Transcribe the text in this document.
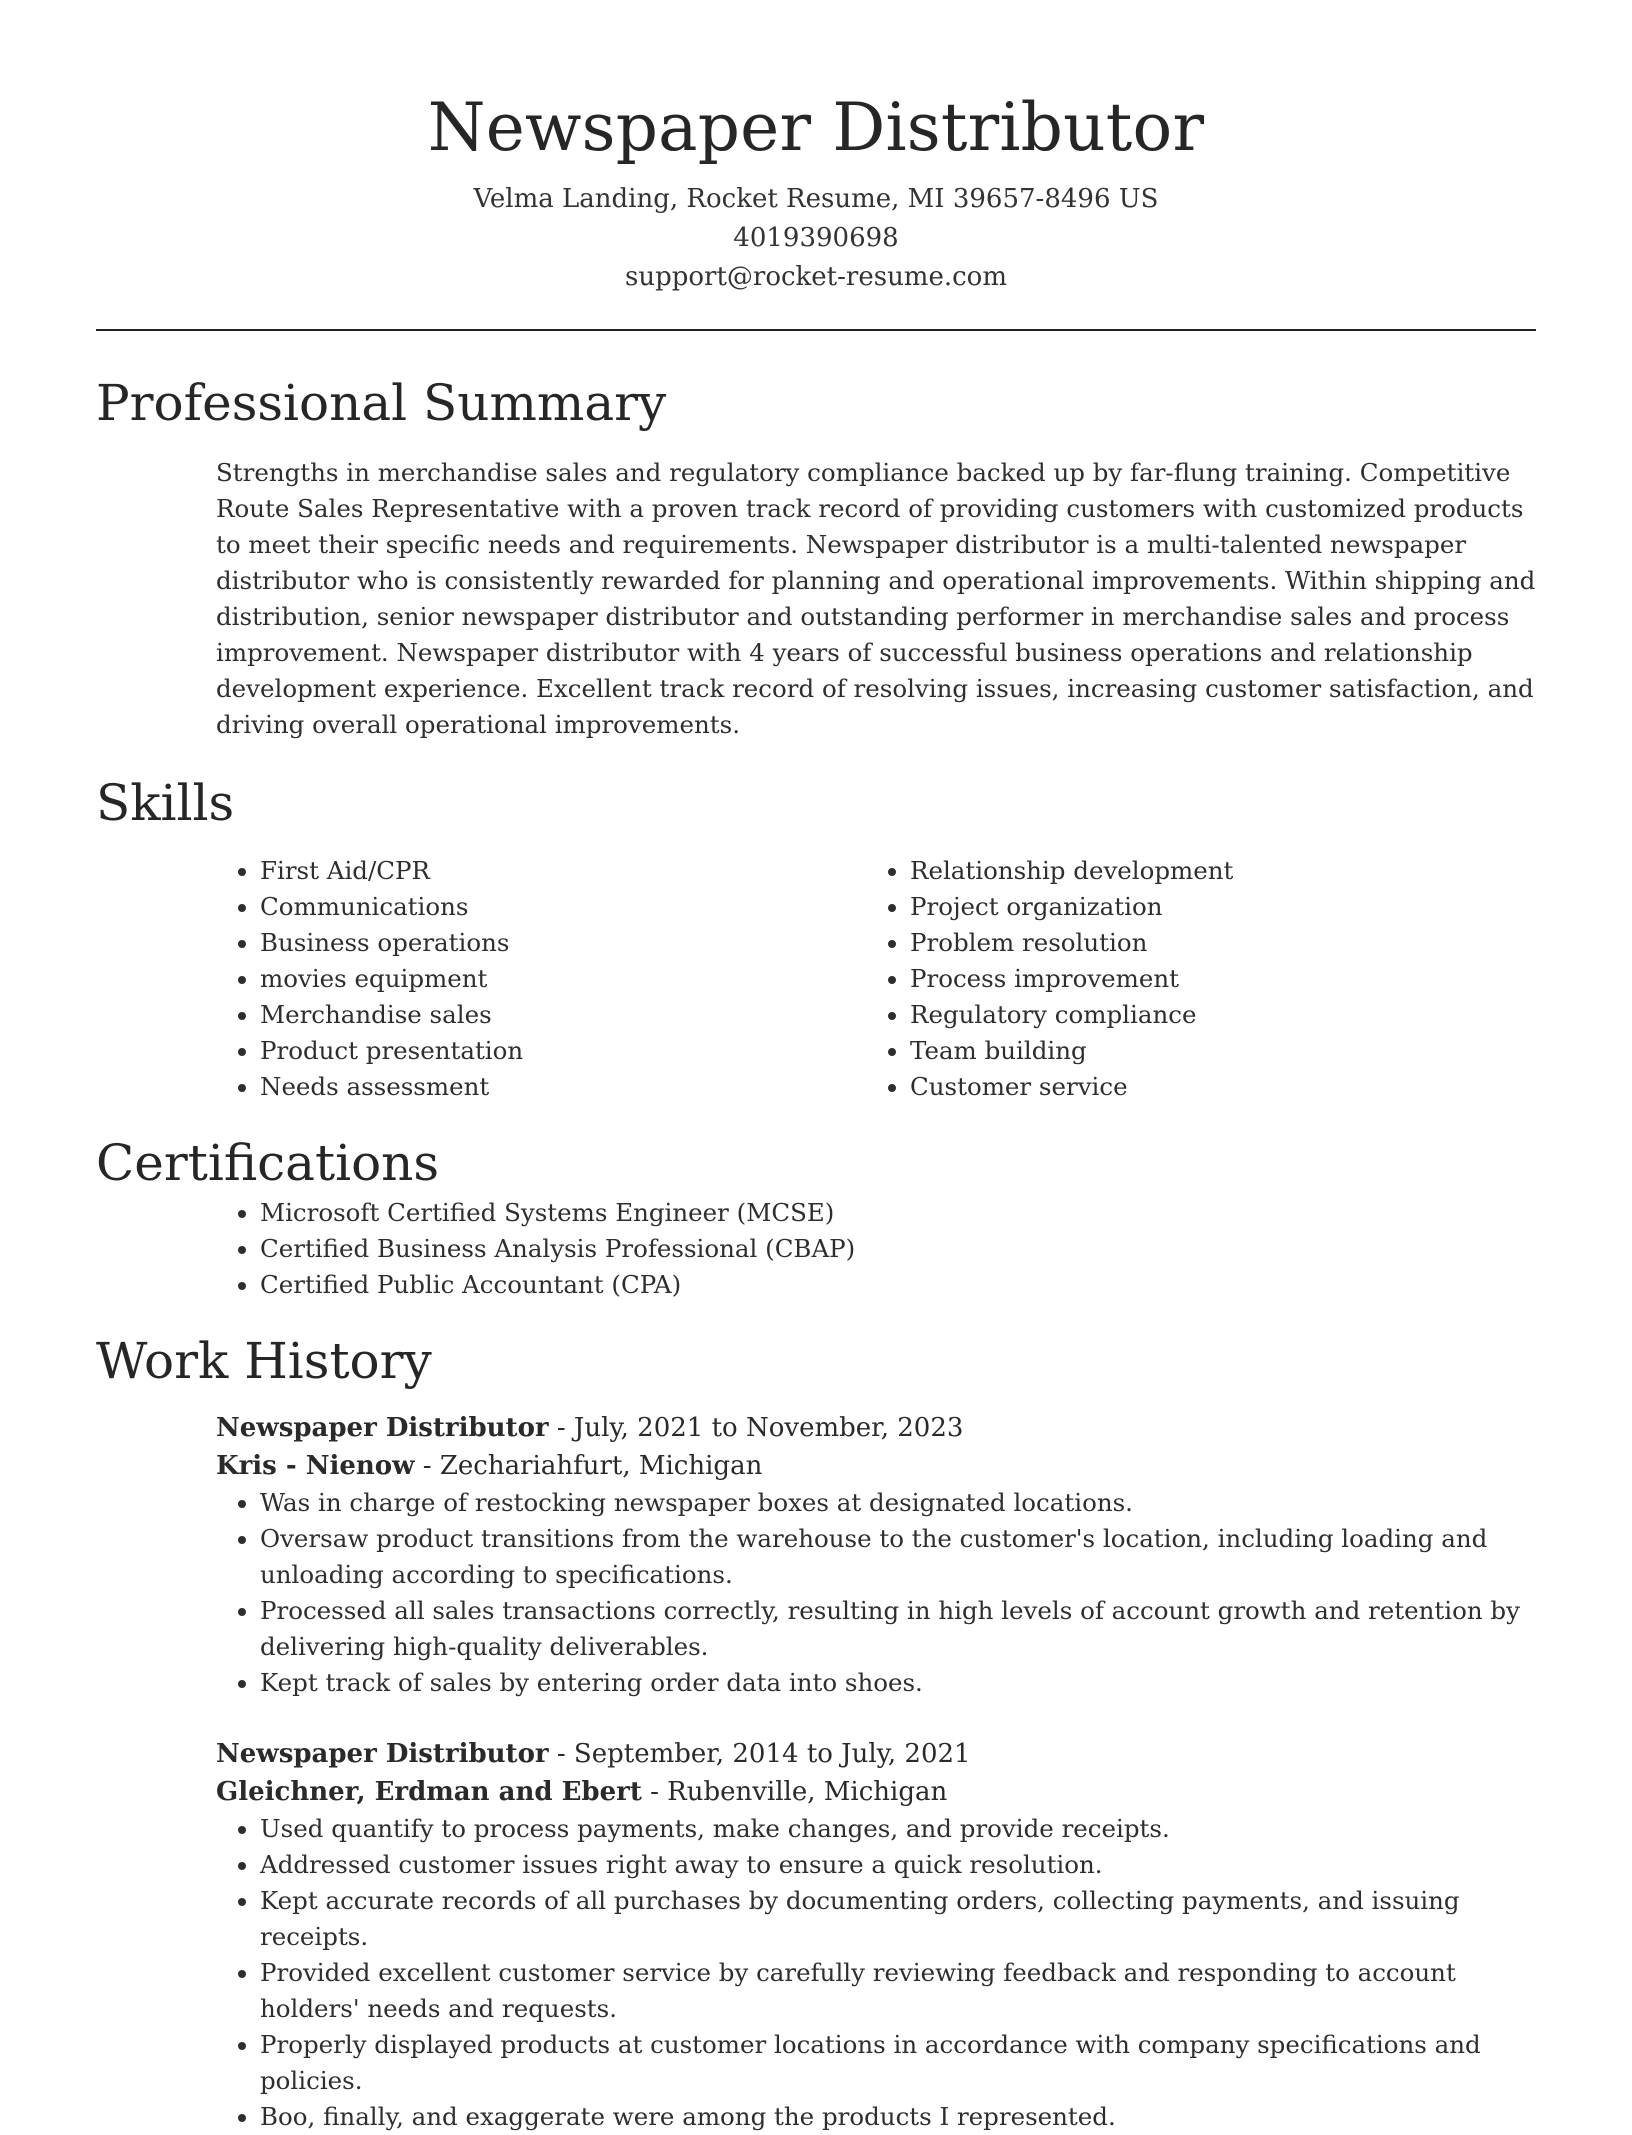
Newspaper Distributor
Velma Landing, Rocket Resume, MI 39657-8496 US
4019390698
support@rocket-resume.com
Professional Summary
Strengths in merchandise sales and regulatory compliance backed up by far-flung training. Competitive Route Sales Representative with a proven track record of providing customers with customized products to meet their specific needs and requirements. Newspaper distributor is a multi-talented newspaper distributor who is consistently rewarded for planning and operational improvements. Within shipping and distribution, senior newspaper distributor and outstanding performer in merchandise sales and process improvement. Newspaper distributor with 4 years of successful business operations and relationship development experience. Excellent track record of resolving issues, increasing customer satisfaction, and driving overall operational improvements.
Skills
• First Aid/CPR
• Communications
• Business operations
• movies equipment
• Merchandise sales
• Product presentation
• Needs assessment
• Relationship development
• Project organization
• Problem resolution
• Process improvement
• Regulatory compliance
• Team building
• Customer service
Certifications
• Microsoft Certified Systems Engineer (MCSE)
• Certified Business Analysis Professional (CBAP)
• Certified Public Accountant (CPA)
Work History
Newspaper Distributor - July, 2021 to November, 2023
Kris - Nienow - Zechariahfurt, Michigan
• Was in charge of restocking newspaper boxes at designated locations.
• Oversaw product transitions from the warehouse to the customer's location, including loading and unloading according to specifications.
• Processed all sales transactions correctly, resulting in high levels of account growth and retention by delivering high-quality deliverables.
• Kept track of sales by entering order data into shoes.
Newspaper Distributor - September, 2014 to July, 2021
Gleichner, Erdman and Ebert - Rubenville, Michigan
• Used quantify to process payments, make changes, and provide receipts.
• Addressed customer issues right away to ensure a quick resolution.
• Kept accurate records of all purchases by documenting orders, collecting payments, and issuing receipts.
• Provided excellent customer service by carefully reviewing feedback and responding to account holders' needs and requests.
• Properly displayed products at customer locations in accordance with company specifications and policies.
• Boo, finally, and exaggerate were among the products I represented.
